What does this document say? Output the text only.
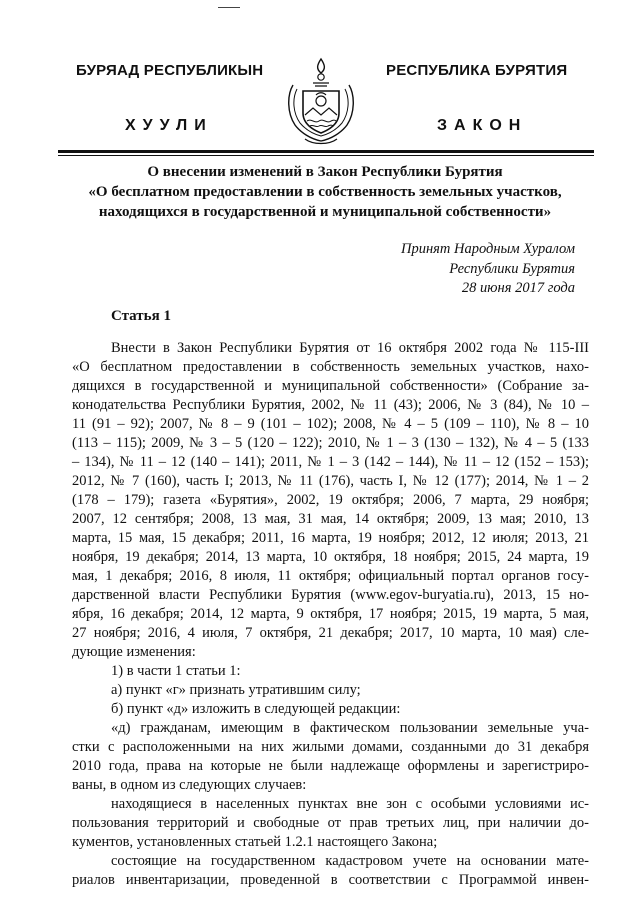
БУРЯАД РЕСПУБЛИКЫН	РЕСПУБЛИКА БУРЯТИЯ
ХУУЛИ	ЗАКОН
О внесении изменений в Закон Республики Бурятия
«О бесплатном предоставлении в собственность земельных участков,
находящихся в государственной и муниципальной собственности»
Принят Народным Хуралом
Республики Бурятия
28 июня 2017 года
Статья 1
Внести в Закон Республики Бурятия от 16 октября 2002 года № 115-III
«О бесплатном предоставлении в собственность земельных участков, нахо-
дящихся в государственной и муниципальной собственности» (Собрание за-
конодательства Республики Бурятия, 2002, № 11 (43); 2006, № 3 (84), № 10 –
11 (91 – 92); 2007, № 8 – 9 (101 – 102); 2008, № 4 – 5 (109 – 110), № 8 – 10
(113 – 115); 2009, № 3 – 5 (120 – 122); 2010, № 1 – 3 (130 – 132), № 4 – 5 (133
– 134), № 11 – 12 (140 – 141); 2011, № 1 – 3 (142 – 144), № 11 – 12 (152 – 153);
2012, № 7 (160), часть I; 2013, № 11 (176), часть I, № 12 (177); 2014, № 1 – 2
(178 – 179); газета «Бурятия», 2002, 19 октября; 2006, 7 марта, 29 ноября;
2007, 12 сентября; 2008, 13 мая, 31 мая, 14 октября; 2009, 13 мая; 2010, 13
марта, 15 мая, 15 декабря; 2011, 16 марта, 19 ноября; 2012, 12 июля; 2013, 21
ноября, 19 декабря; 2014, 13 марта, 10 октября, 18 ноября; 2015, 24 марта, 19
мая, 1 декабря; 2016, 8 июля, 11 октября; официальный портал органов госу-
дарственной власти Республики Бурятия (www.egov-buryatia.ru), 2013, 15 но-
ября, 16 декабря; 2014, 12 марта, 9 октября, 17 ноября; 2015, 19 марта, 5 мая,
27 ноября; 2016, 4 июля, 7 октября, 21 декабря; 2017, 10 марта, 10 мая) сле-
дующие изменения:
1) в части 1 статьи 1:
а) пункт «г» признать утратившим силу;
б) пункт «д» изложить в следующей редакции:
«д) гражданам, имеющим в фактическом пользовании земельные уча-
стки с расположенными на них жилыми домами, созданными до 31 декабря
2010 года, права на которые не были надлежаще оформлены и зарегистриро-
ваны, в одном из следующих случаев:
находящиеся в населенных пунктах вне зон с особыми условиями ис-
пользования территорий и свободные от прав третьих лиц, при наличии до-
кументов, установленных статьей 1.2.1 настоящего Закона;
состоящие на государственном кадастровом учете на основании мате-
риалов инвентаризации, проведенной в соответствии с Программой инвен-
